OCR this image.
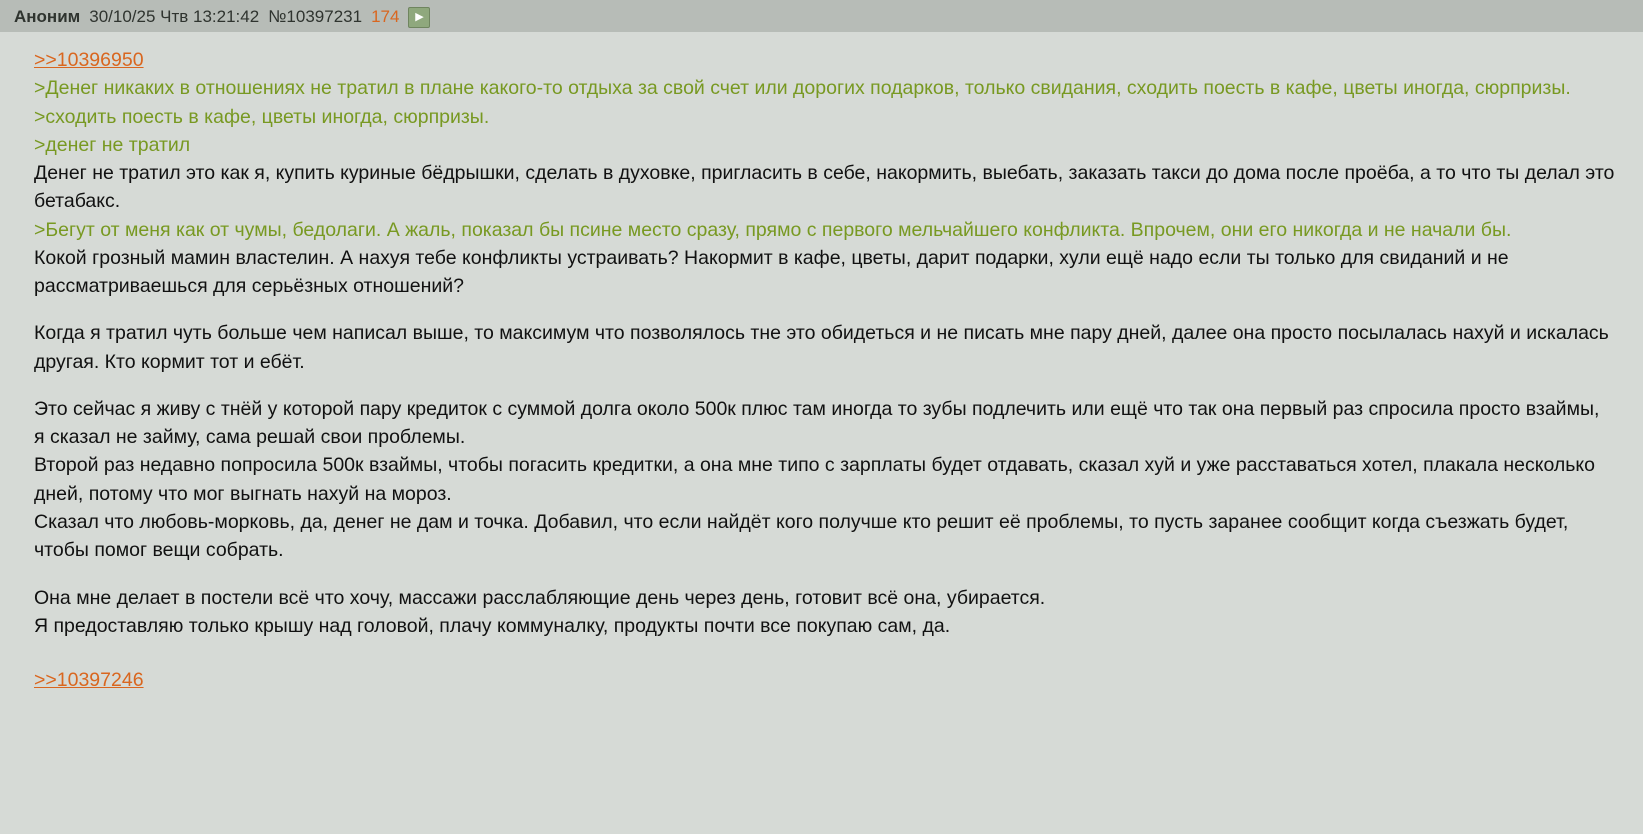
Аноним 30/10/25 Чтв 13:21:42 №10397231 174	▶

>>10396950

>Денег никаких в отношениях не тратил в плане какого-то отдыха за свой счет или дорогих подарков, только свидания, сходить поесть в кафе, цветы иногда, сюрпризы.

>сходить поесть в кафе, цветы иногда, сюрпризы.

>денег не тратил

Денег не тратил это как я, купить куриные бёдрышки, сделать в духовке, пригласить в себе, накормить, выебать, заказать такси до дома после проёба, а то что ты делал это бетабакс.

>Бегут от меня как от чумы, бедолаги. А жаль, показал бы псине место сразу, прямо с первого мельчайшего конфликта. Впрочем, они его никогда и не начали бы.

Кокой грозный мамин властелин. А нахуя тебе конфликты устраивать? Накормит в кафе, цветы, дарит подарки, хули ещё надо если ты только для свиданий и не рассматриваешься для серьёзных отношений?

Когда я тратил чуть больше чем написал выше, то максимум что позволялось тне это обидеться и не писать мне пару дней, далее она просто посылалась нахуй и искалась другая. Кто кормит тот и ебёт.

Это сейчас я живу с тнёй у которой пару кредиток с суммой долга около 500к плюс там иногда то зубы подлечить или ещё что так она первый раз спросила просто взаймы, я сказал не займу, сама решай свои проблемы.

Второй раз недавно попросила 500к взаймы, чтобы погасить кредитки, а она мне типо с зарплаты будет отдавать, сказал хуй и уже расставаться хотел, плакала несколько дней, потому что мог выгнать нахуй на мороз.

Сказал что любовь-морковь, да, денег не дам и точка. Добавил, что если найдёт кого получше кто решит её проблемы, то пусть заранее сообщит когда съезжать будет, чтобы помог вещи собрать.

Она мне делает в постели всё что хочу, массажи расслабляющие день через день, готовит всё она, убирается.

Я предоставляю только крышу над головой, плачу коммуналку, продукты почти все покупаю сам, да.

>>10397246
